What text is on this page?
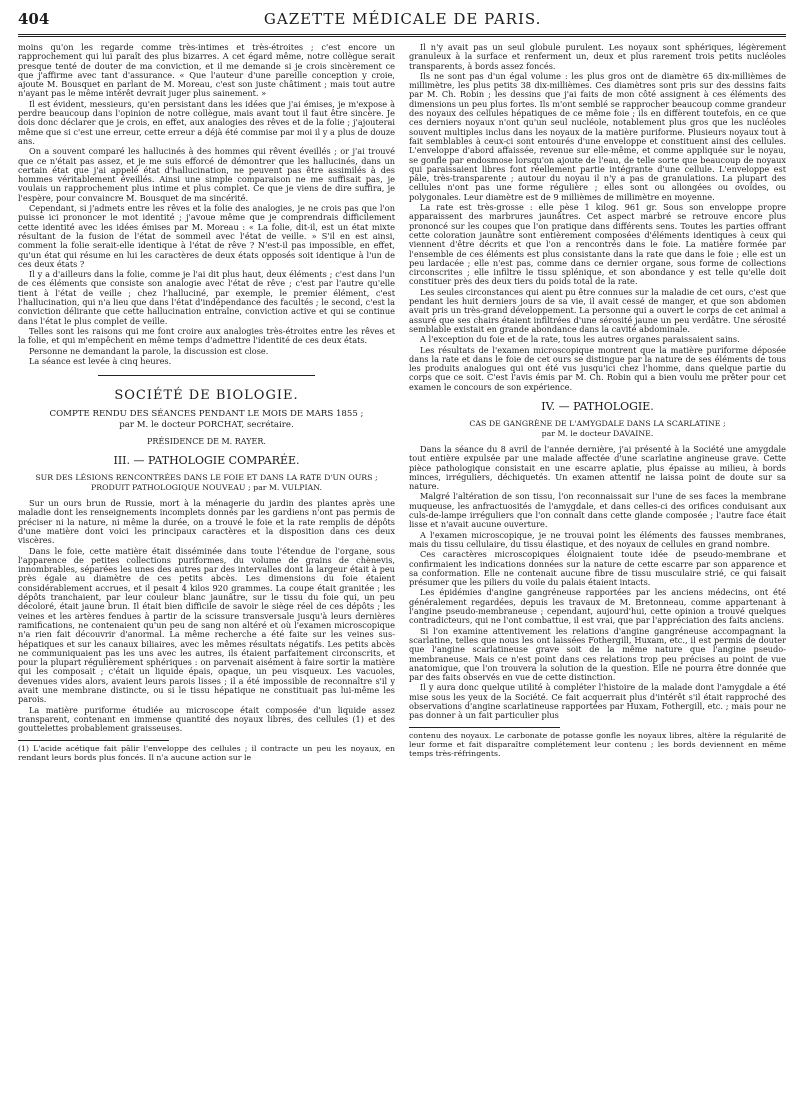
404	GAZETTE MÉDICALE DE PARIS.

moins qu'on les regarde comme très-intimes et très-étroites ; c'est encore un rapprochement qui lui paraît des plus bizarres. A cet égard même, notre collègue serait presque tenté de douter de ma conviction, et il me demande si je crois sincèrement ce que j'affirme avec tant d'assurance. « Que l'auteur d'une pareille conception y croie, ajoute M. Bousquet en parlant de M. Moreau, c'est son juste châtiment ; mais tout autre n'ayant pas le même intérêt devrait juger plus sainement. »

Il est évident, messieurs, qu'en persistant dans les idées que j'ai émises, je m'expose à perdre beaucoup dans l'opinion de notre collègue, mais avant tout il faut être sincère. Je dois donc déclarer que je crois, en effet, aux analogies des rêves et de la folie ; j'ajouterai même que si c'est une erreur, cette erreur a déjà été commise par moi il y a plus de douze ans.

On a souvent comparé les hallucinés à des hommes qui rêvent éveillés ; or j'ai trouvé que ce n'était pas assez, et je me suis efforcé de démontrer que les hallucinés, dans un certain état que j'ai appelé état d'hallucination, ne peuvent pas être assimilés à des hommes véritablement éveillés. Ainsi une simple comparaison ne me suffisait pas, je voulais un rapprochement plus intime et plus complet. Ce que je viens de dire suffira, je l'espère, pour convaincre M. Bousquet de ma sincérité.

Cependant, si j'admets entre les rêves et la folie des analogies, je ne crois pas que l'on puisse ici prononcer le mot identité ; j'avoue même que je comprendrais difficilement cette identité avec les idées émises par M. Moreau : « La folie, dit-il, est un état mixte résultant de la fusion de l'état de sommeil avec l'état de veille. » S'il en est ainsi, comment la folie serait-elle identique à l'état de rêve ? N'est-il pas impossible, en effet, qu'un état qui résume en lui les caractères de deux états opposés soit identique à l'un de ces deux états ?

Il y a d'ailleurs dans la folie, comme je l'ai dit plus haut, deux éléments ; c'est dans l'un de ces éléments que consiste son analogie avec l'état de rêve ; c'est par l'autre qu'elle tient à l'état de veille ; chez l'halluciné, par exemple, le premier élément, c'est l'hallucination, qui n'a lieu que dans l'état d'indépendance des facultés ; le second, c'est la conviction délirante que cette hallucination entraîne, conviction active et qui se continue dans l'état le plus complet de veille.

Telles sont les raisons qui me font croire aux analogies très-étroites entre les rêves et la folie, et qui m'empêchent en même temps d'admettre l'identité de ces deux états.

Personne ne demandant la parole, la discussion est close.

La séance est levée à cinq heures.

SOCIÉTÉ DE BIOLOGIE.
COMPTE RENDU DES SÉANCES PENDANT LE MOIS DE MARS 1855 ;
par M. le docteur PORCHAT, secrétaire.
PRÉSIDENCE DE M. RAYER.
III. — PATHOLOGIE COMPARÉE.
SUR DES LÉSIONS RENCONTRÉES DANS LE FOIE ET DANS LA RATE D'UN OURS ;
PRODUIT PATHOLOGIQUE NOUVEAU ; par M. VULPIAN.

Sur un ours brun de Russie, mort à la ménagerie du jardin des plantes après une maladie dont les renseignements incomplets donnés par les gardiens n'ont pas permis de préciser ni la nature, ni même la durée, on a trouvé le foie et la rate remplis de dépôts d'une matière dont voici les principaux caractères et la disposition dans ces deux viscères.

Dans le foie, cette matière était disséminée dans toute l'étendue de l'organe, sous l'apparence de petites collections puriformes, du volume de grains de chènevis, innombrables, séparées les unes des autres par des intervalles dont la largeur était à peu près égale au diamètre de ces petits abcès. Les dimensions du foie étaient considérablement accrues, et il pesait 4 kilos 920 grammes. La coupe était granitée ; les dépôts tranchaient, par leur couleur blanc jaunâtre, sur le tissu du foie qui, un peu décoloré, était jaune brun. Il était bien difficile de savoir le siège réel de ces dépôts ; les veines et les artères fendues à partir de la scissure transversale jusqu'à leurs dernières ramifications, ne contenaient qu'un peu de sang non altéré et où l'examen microscopique n'a rien fait découvrir d'anormal. La même recherche a été faite sur les veines sus-hépatiques et sur les canaux biliaires, avec les mêmes résultats négatifs. Les petits abcès ne communiquaient pas les uns avec les autres, ils étaient parfaitement circonscrits, et pour la plupart régulièrement sphériques : on parvenait aisément à faire sortir la matière qui les composait ; c'était un liquide épais, opaque, un peu visqueux. Les vacuoles, devenues vides alors, avaient leurs parois lisses ; il a été impossible de reconnaître s'il y avait une membrane distincte, ou si le tissu hépatique ne constituait pas lui-même les parois.

La matière puriforme étudiée au microscope était composée d'un liquide assez transparent, contenant en immense quantité des noyaux libres, des cellules (1) et des gouttelettes probablement graisseuses.

(1) L'acide acétique fait pâlir l'enveloppe des cellules ; il contracte un peu les noyaux, en rendant leurs bords plus foncés. Il n'a aucune action sur le

Il n'y avait pas un seul globule purulent. Les noyaux sont sphériques, légèrement granuleux à la surface et renferment un, deux et plus rarement trois petits nucléoles transparents, à bords assez foncés.

Ils ne sont pas d'un égal volume : les plus gros ont de diamètre 65 dix-millièmes de millimètre, les plus petits 38 dix-millièmes. Ces diamètres sont pris sur des dessins faits par M. Ch. Robin ; les dessins que j'ai faits de mon côté assignent à ces éléments des dimensions un peu plus fortes. Ils m'ont semblé se rapprocher beaucoup comme grandeur des noyaux des cellules hépatiques de ce même foie ; ils en diffèrent toutefois, en ce que ces derniers noyaux n'ont qu'un seul nucléole, notablement plus gros que les nucléoles souvent multiples inclus dans les noyaux de la matière puriforme. Plusieurs noyaux tout à fait semblables à ceux-ci sont entourés d'une enveloppe et constituent ainsi des cellules. L'enveloppe d'abord affaissée, revenue sur elle-même, et comme appliquée sur le noyau, se gonfle par endosmose lorsqu'on ajoute de l'eau, de telle sorte que beaucoup de noyaux qui paraissaient libres font réellement partie intégrante d'une cellule. L'enveloppe est pâle, très-transparente ; autour du noyau il n'y a pas de granulations. La plupart des cellules n'ont pas une forme régulière ; elles sont ou allongées ou ovoïdes, ou polygonales. Leur diamètre est de 9 millièmes de millimètre en moyenne.

La rate est très-grosse : elle pèse 1 kilog. 961 gr. Sous son enveloppe propre apparaissent des marbrures jaunâtres. Cet aspect marbré se retrouve encore plus prononcé sur les coupes que l'on pratique dans différents sens. Toutes les parties offrant cette coloration jaunâtre sont entièrement composées d'éléments identiques à ceux qui viennent d'être décrits et que l'on a rencontrés dans le foie. La matière formée par l'ensemble de ces éléments est plus consistante dans la rate que dans le foie ; elle est un peu lardacée ; elle n'est pas, comme dans ce dernier organe, sous forme de collections circonscrites ; elle infiltre le tissu splénique, et son abondance y est telle qu'elle doit constituer près des deux tiers du poids total de la rate.

Les seules circonstances qui aient pu être connues sur la maladie de cet ours, c'est que pendant les huit derniers jours de sa vie, il avait cessé de manger, et que son abdomen avait pris un très-grand développement. La personne qui a ouvert le corps de cet animal a assuré que ses chairs étaient infiltrées d'une sérosité jaune un peu verdâtre. Une sérosité semblable existait en grande abondance dans la cavité abdominale.

A l'exception du foie et de la rate, tous les autres organes paraissaient sains.

Les résultats de l'examen microscopique montrent que la matière puriforme déposée dans la rate et dans le foie de cet ours se distingue par la nature de ses éléments de tous les produits analogues qui ont été vus jusqu'ici chez l'homme, dans quelque partie du corps que ce soit. C'est l'avis émis par M. Ch. Robin qui a bien voulu me prêter pour cet examen le concours de son expérience.

IV. — PATHOLOGIE.
CAS DE GANGRÈNE DE L'AMYGDALE DANS LA SCARLATINE ;
par M. le docteur DAVAINE.

Dans la séance du 8 avril de l'année dernière, j'ai présenté à la Société une amygdale tout entière expulsée par une malade affectée d'une scarlatine angineuse grave. Cette pièce pathologique consistait en une escarre aplatie, plus épaisse au milieu, à bords minces, irréguliers, déchiquetés. Un examen attentif ne laissa point de doute sur sa nature.

Malgré l'altération de son tissu, l'on reconnaissait sur l'une de ses faces la membrane muqueuse, les anfractuosités de l'amygdale, et dans celles-ci des orifices conduisant aux culs-de-lampe irréguliers que l'on connaît dans cette glande composée ; l'autre face était lisse et n'avait aucune ouverture.

A l'examen microscopique, je ne trouvai point les éléments des fausses membranes, mais du tissu cellulaire, du tissu élastique, et des noyaux de cellules en grand nombre.

Ces caractères microscopiques éloignaient toute idée de pseudo-membrane et confirmaient les indications données sur la nature de cette escarre par son apparence et sa conformation. Elle ne contenait aucune fibre de tissu musculaire strié, ce qui faisait présumer que les piliers du voile du palais étaient intacts.

Les épidémies d'angine gangréneuse rapportées par les anciens médecins, ont été généralement regardées, depuis les travaux de M. Bretonneau, comme appartenant à l'angine pseudo-membraneuse ; cependant, aujourd'hui, cette opinion a trouvé quelques contradicteurs, qui ne l'ont combattue, il est vrai, que par l'appréciation des faits anciens.

Si l'on examine attentivement les relations d'angine gangréneuse accompagnant la scarlatine, telles que nous les ont laissées Fothergill, Huxam, etc., il est permis de douter que l'angine scarlatineuse grave soit de la même nature que l'angine pseudo-membraneuse. Mais ce n'est point dans ces relations trop peu précises au point de vue anatomique, que l'on trouvera la solution de la question. Elle ne pourra être donnée que par des faits observés en vue de cette distinction.

Il y aura donc quelque utilité à compléter l'histoire de la malade dont l'amygdale a été mise sous les yeux de la Société. Ce fait acquerrait plus d'intérêt s'il était rapproché des observations d'angine scarlatineuse rapportées par Huxam, Fothergill, etc. ; mais pour ne pas donner à un fait particulier plus

contenu des noyaux. Le carbonate de potasse gonfle les noyaux libres, altère la régularité de leur forme et fait disparaître complétement leur contenu ; les bords deviennent en même temps très-réfringents.
